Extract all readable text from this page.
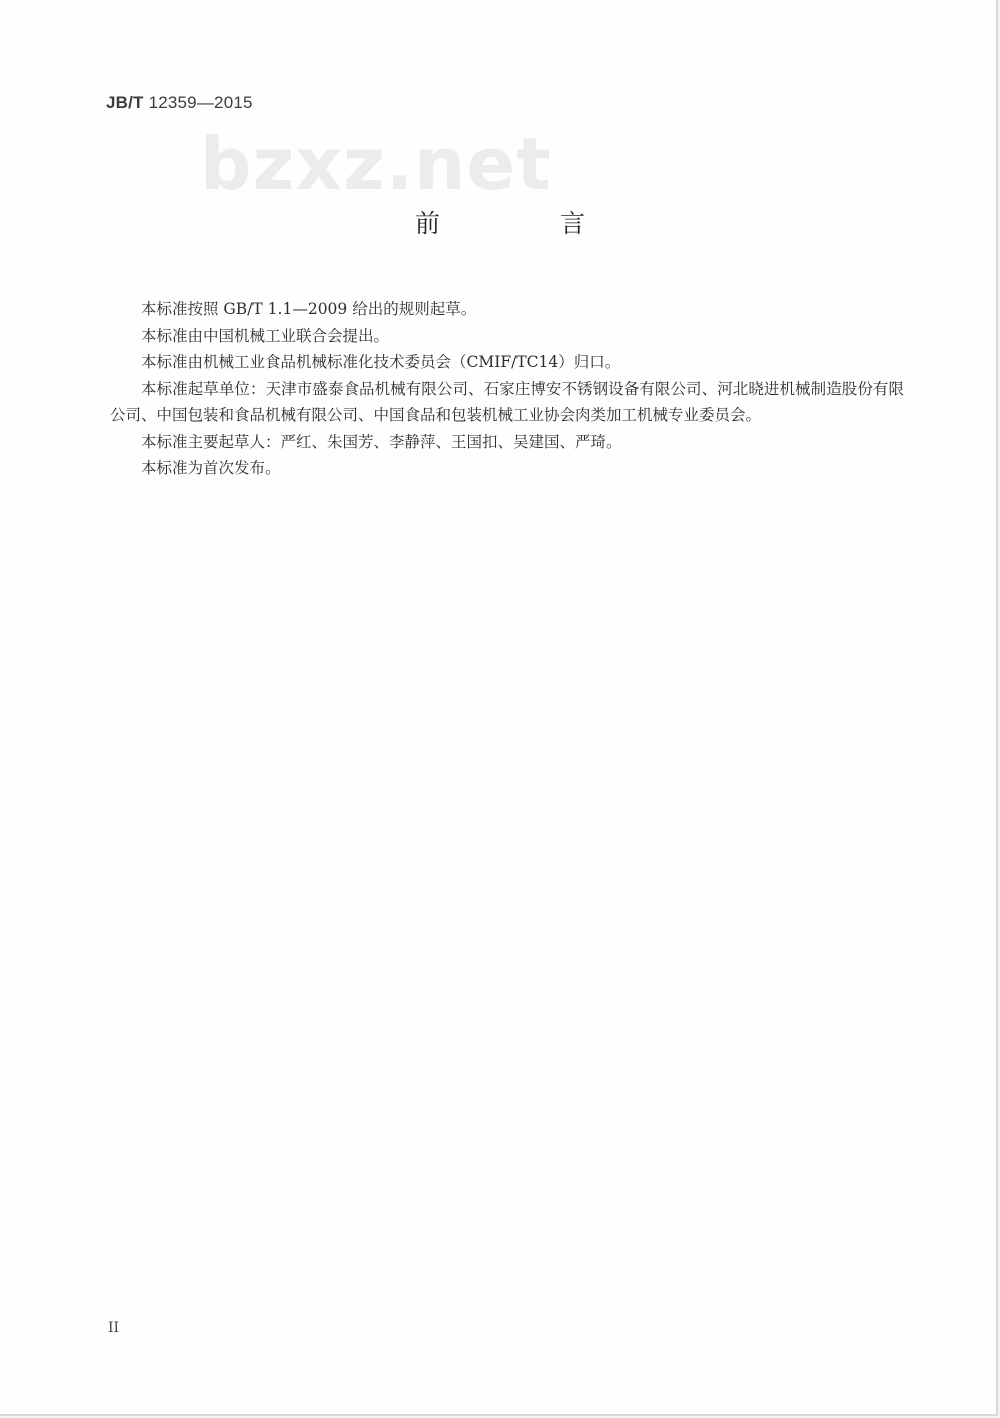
JB/T 12359—2015
bzxz.net
前 言

本标准按照 GB/T 1.1—2009 给出的规则起草。

本标准由中国机械工业联合会提出。

本标准由机械工业食品机械标准化技术委员会（CMIF/TC14）归口。

本标准起草单位：天津市盛泰食品机械有限公司、石家庄博安不锈钢设备有限公司、河北晓进机械制造股份有限公司、中国包装和食品机械有限公司、中国食品和包装机械工业协会肉类加工机械专业委员会。

本标准主要起草人：严红、朱国芳、李静萍、王国扣、吴建国、严琦。

本标准为首次发布。

II
